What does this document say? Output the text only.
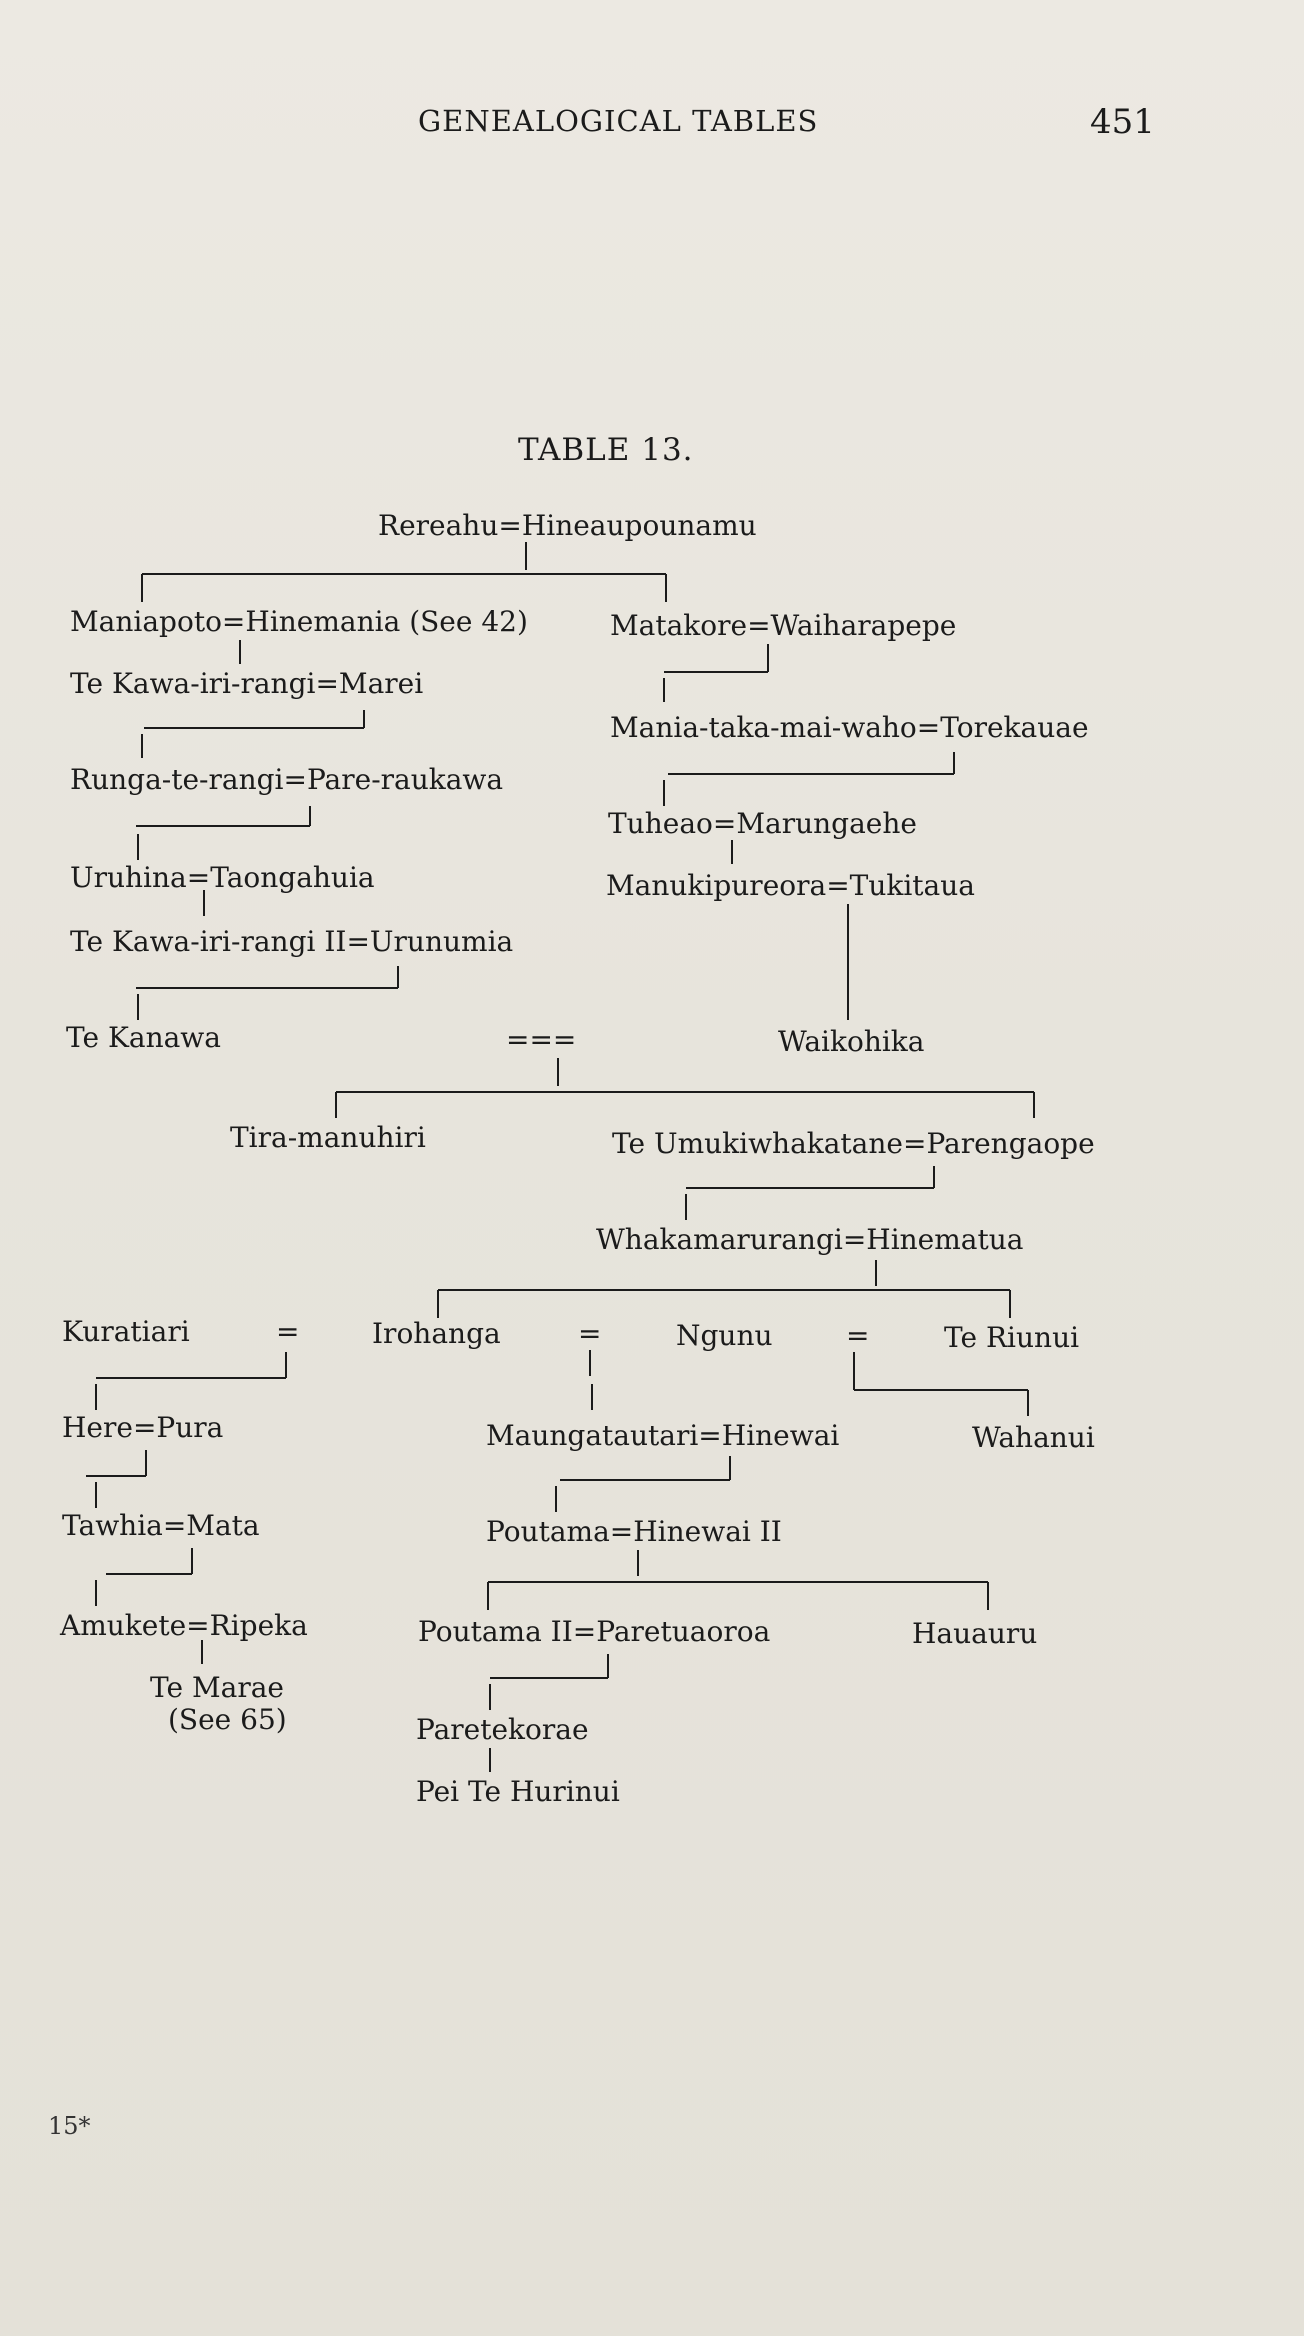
GENEALOGICAL TABLES	451
TABLE 13.
Rereahu=Hineaupounamu
Maniapoto=Hinemania (See 42)
Te Kawa-iri-rangi=Marei
Runga-te-rangi=Pare-raukawa
Uruhina=Taongahuia
Te Kawa-iri-rangi II=Urunumia
Te Kanawa
Matakore=Waiharapepe
Mania-taka-mai-waho=Torekauae
Tuheao=Marungaehe
Manukipureora=Tukitaua
===	Waikohika
Tira-manuhiri	Te Umukiwhakatane=Parengaope
Whakamarurangi=Hinematua
Kuratiari	=	Irohanga	=	Ngunu	=	Te Riunui
Here=Pura
Tawhia=Mata
Amukete=Ripeka
Te Marae
(See 65)
Maungatautari=Hinewai	Wahanui
Poutama=Hinewai II
Poutama II=Paretuaoroa	Hauauru
Paretekorae
Pei Te Hurinui
15*
